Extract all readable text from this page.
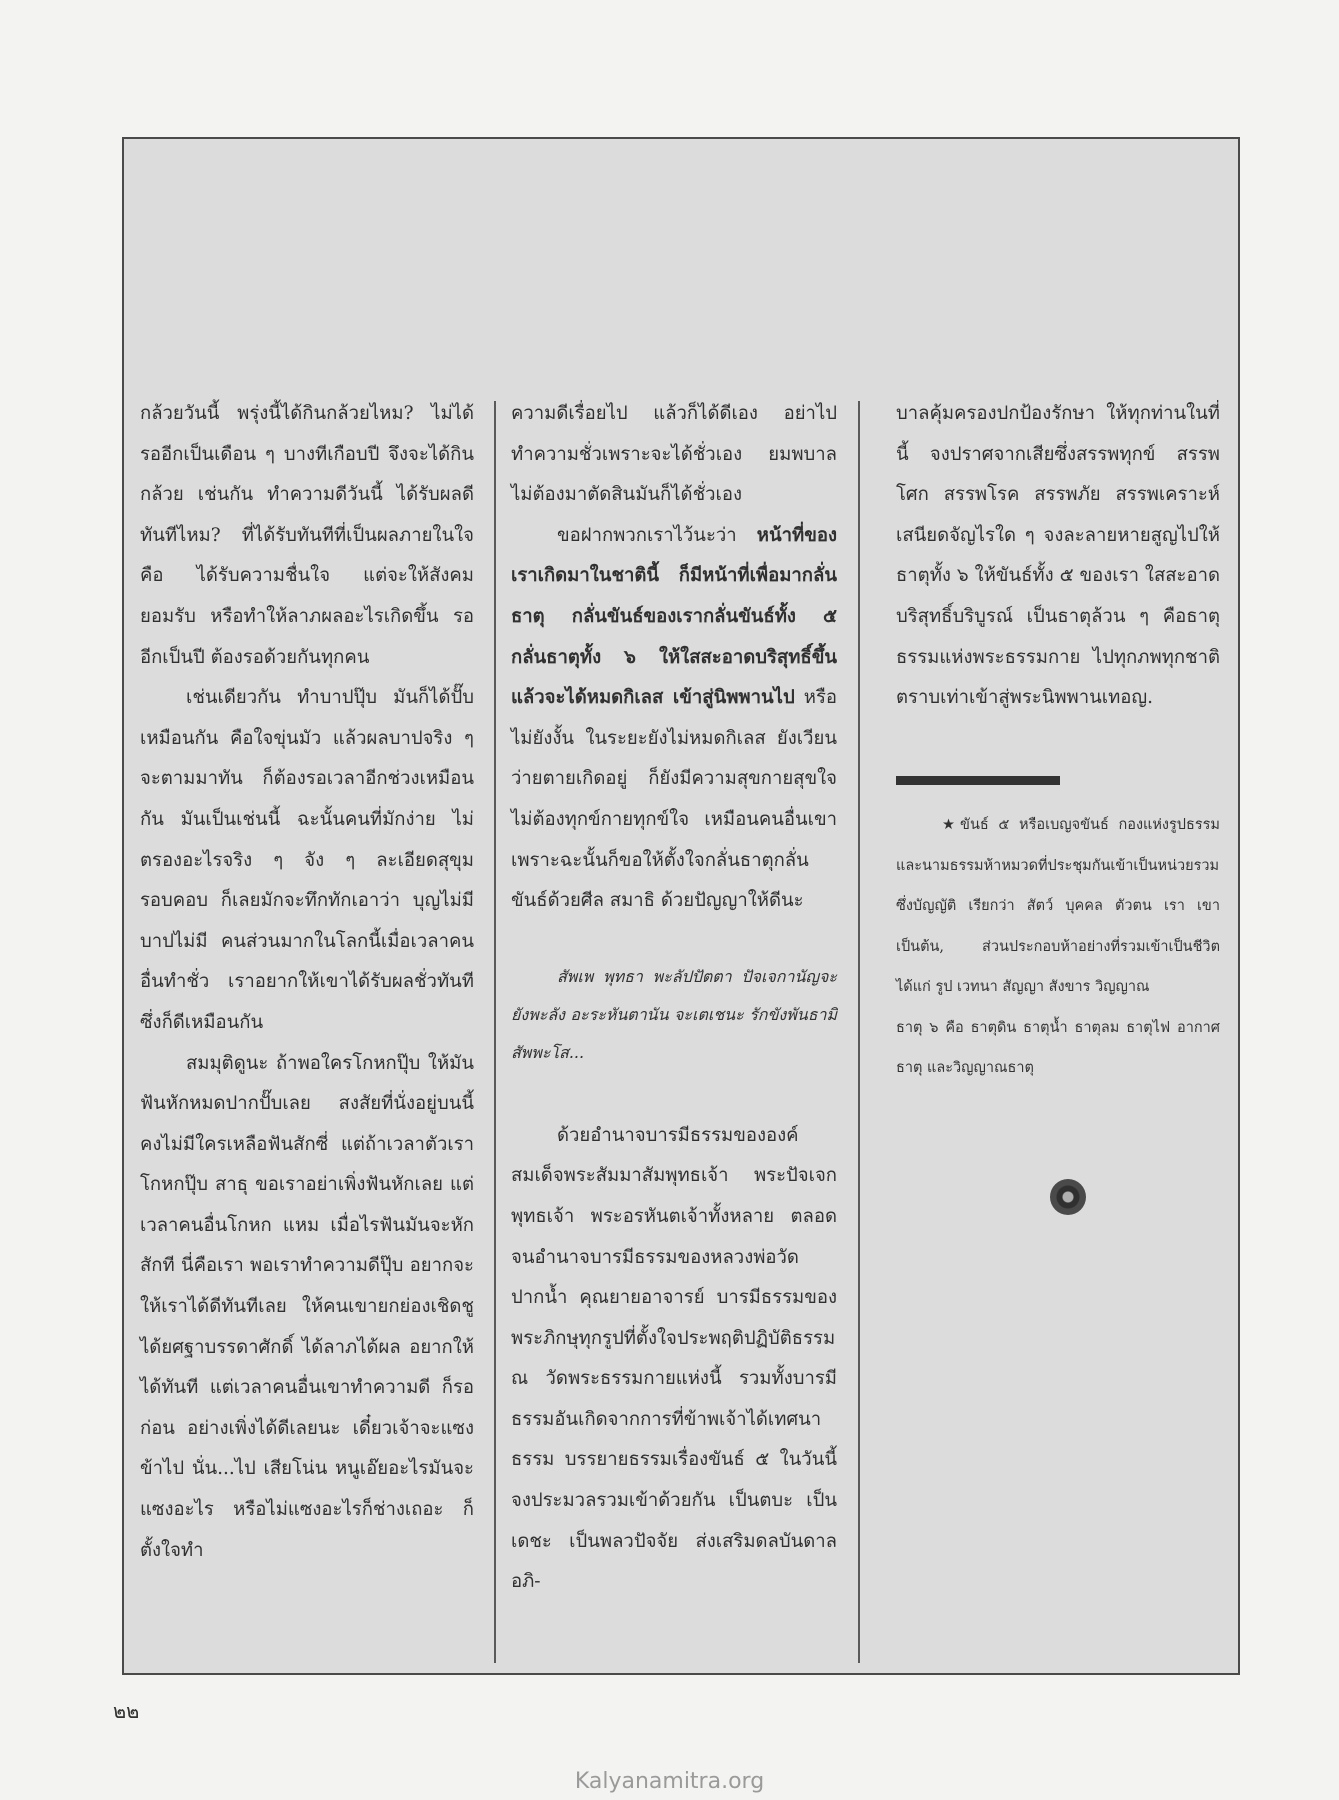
กล้วยวันนี้ พรุ่งนี้ได้กินกล้วยไหม? ไม่ได้ รออีกเป็นเดือน ๆ บางทีเกือบปี จึงจะได้กินกล้วย เช่นกัน ทำความดีวันนี้ ได้รับผลดีทันทีไหม? ที่ได้รับทันทีที่เป็นผลภายในใจคือ ได้รับความชื่นใจ แต่จะให้สังคมยอมรับ หรือทำให้ลาภผลอะไรเกิดขึ้น รออีกเป็นปี ต้องรอด้วยกันทุกคน

เช่นเดียวกัน ทำบาปปุ๊บ มันก็ได้ปั๊บเหมือนกัน คือใจขุ่นมัว แล้วผลบาปจริง ๆ จะตามมาทัน ก็ต้องรอเวลาอีกช่วงเหมือนกัน มันเป็นเช่นนี้ ฉะนั้นคนที่มักง่าย ไม่ตรองอะไรจริง ๆ จัง ๆ ละเอียดสุขุมรอบคอบ ก็เลยมักจะทึกทักเอาว่า บุญไม่มีบาปไม่มี คนส่วนมากในโลกนี้เมื่อเวลาคนอื่นทำชั่ว เราอยากให้เขาได้รับผลชั่วทันที ซึ่งก็ดีเหมือนกัน

สมมุติดูนะ ถ้าพอใครโกหกปุ๊บ ให้มันฟันหักหมดปากปั๊บเลย สงสัยที่นั่งอยู่บนนี้ คงไม่มีใครเหลือฟันสักซี่ แต่ถ้าเวลาตัวเราโกหกปุ๊บ สาธุ ขอเราอย่าเพิ่งฟันหักเลย แต่เวลาคนอื่นโกหก แหม เมื่อไรฟันมันจะหักสักที นี่คือเรา พอเราทำความดีปุ๊บ อยากจะให้เราได้ดีทันทีเลย ให้คนเขายกย่องเชิดชู ได้ยศฐาบรรดาศักดิ์ ได้ลาภได้ผล อยากให้ได้ทันที แต่เวลาคนอื่นเขาทำความดี ก็รอก่อน อย่างเพิ่งได้ดีเลยนะ เดี๋ยวเจ้าจะแซงข้าไป นั่น...ไป เสียโน่น หนูเอ๊ยอะไรมันจะแซงอะไร หรือไม่แซงอะไรก็ช่างเถอะ ก็ตั้งใจทำ

ความดีเรื่อยไป แล้วก็ได้ดีเอง อย่าไปทำความชั่วเพราะจะได้ชั่วเอง ยมพบาลไม่ต้องมาตัดสินมันก็ได้ชั่วเอง

ขอฝากพวกเราไว้นะว่า หน้าที่ของเราเกิดมาในชาตินี้ ก็มีหน้าที่เพื่อมากลั่นธาตุ กลั่นขันธ์ของเรากลั่นขันธ์ทั้ง ๕ กลั่นธาตุทั้ง ๖ ให้ใสสะอาดบริสุทธิ์ขึ้น แล้วจะได้หมดกิเลส เข้าสู่นิพพานไป หรือไม่ยังงั้น ในระยะยังไม่หมดกิเลส ยังเวียนว่ายตายเกิดอยู่ ก็ยังมีความสุขกายสุขใจ ไม่ต้องทุกข์กายทุกข์ใจ เหมือนคนอื่นเขา เพราะฉะนั้นก็ขอให้ตั้งใจกลั่นธาตุกลั่นขันธ์ด้วยศีล สมาธิ ด้วยปัญญาให้ดีนะ

สัพเพ พุทธา พะลัปปัตตา ปัจเจกานัญจะยังพะลัง อะระหันตานัน จะเตเชนะ รักขังพันธามิ สัพพะโส...

ด้วยอำนาจบารมีธรรมขององค์สมเด็จพระสัมมาสัมพุทธเจ้า พระปัจเจกพุทธเจ้า พระอรหันตเจ้าทั้งหลาย ตลอดจนอำนาจบารมีธรรมของหลวงพ่อวัดปากน้ำ คุณยายอาจารย์ บารมีธรรมของพระภิกษุทุกรูปที่ตั้งใจประพฤติปฏิบัติธรรม ณ วัดพระธรรมกายแห่งนี้ รวมทั้งบารมีธรรมอันเกิดจากการที่ข้าพเจ้าได้เทศนาธรรม บรรยายธรรมเรื่องขันธ์ ๕ ในวันนี้ จงประมวลรวมเข้าด้วยกัน เป็นตบะ เป็นเดชะ เป็นพลวปัจจัย ส่งเสริมดลบันดาลอภิ-

บาลคุ้มครองปกป้องรักษา ให้ทุกท่านในที่นี้ จงปราศจากเสียซึ่งสรรพทุกข์ สรรพโศก สรรพโรค สรรพภัย สรรพเคราะห์เสนียดจัญไรใด ๆ จงละลายหายสูญไปให้ธาตุทั้ง ๖ ให้ขันธ์ทั้ง ๕ ของเรา ใสสะอาดบริสุทธิ์บริบูรณ์ เป็นธาตุล้วน ๆ คือธาตุธรรมแห่งพระธรรมกาย ไปทุกภพทุกชาติ ตราบเท่าเข้าสู่พระนิพพานเทอญ.

★ขันธ์ ๕ หรือเบญจขันธ์ กองแห่งรูปธรรมและนามธรรมห้าหมวดที่ประชุมกันเข้าเป็นหน่วยรวม ซึ่งบัญญัติ เรียกว่า สัตว์ บุคคล ตัวตน เรา เขา เป็นต้น, ส่วนประกอบห้าอย่างที่รวมเข้าเป็นชีวิต ได้แก่ รูป เวทนา สัญญา สังขาร วิญญาณ

ธาตุ ๖ คือ ธาตุดิน ธาตุน้ำ ธาตุลม ธาตุไฟ อากาศธาตุ และวิญญาณธาตุ

๒๒
Kalyanamitra.org
